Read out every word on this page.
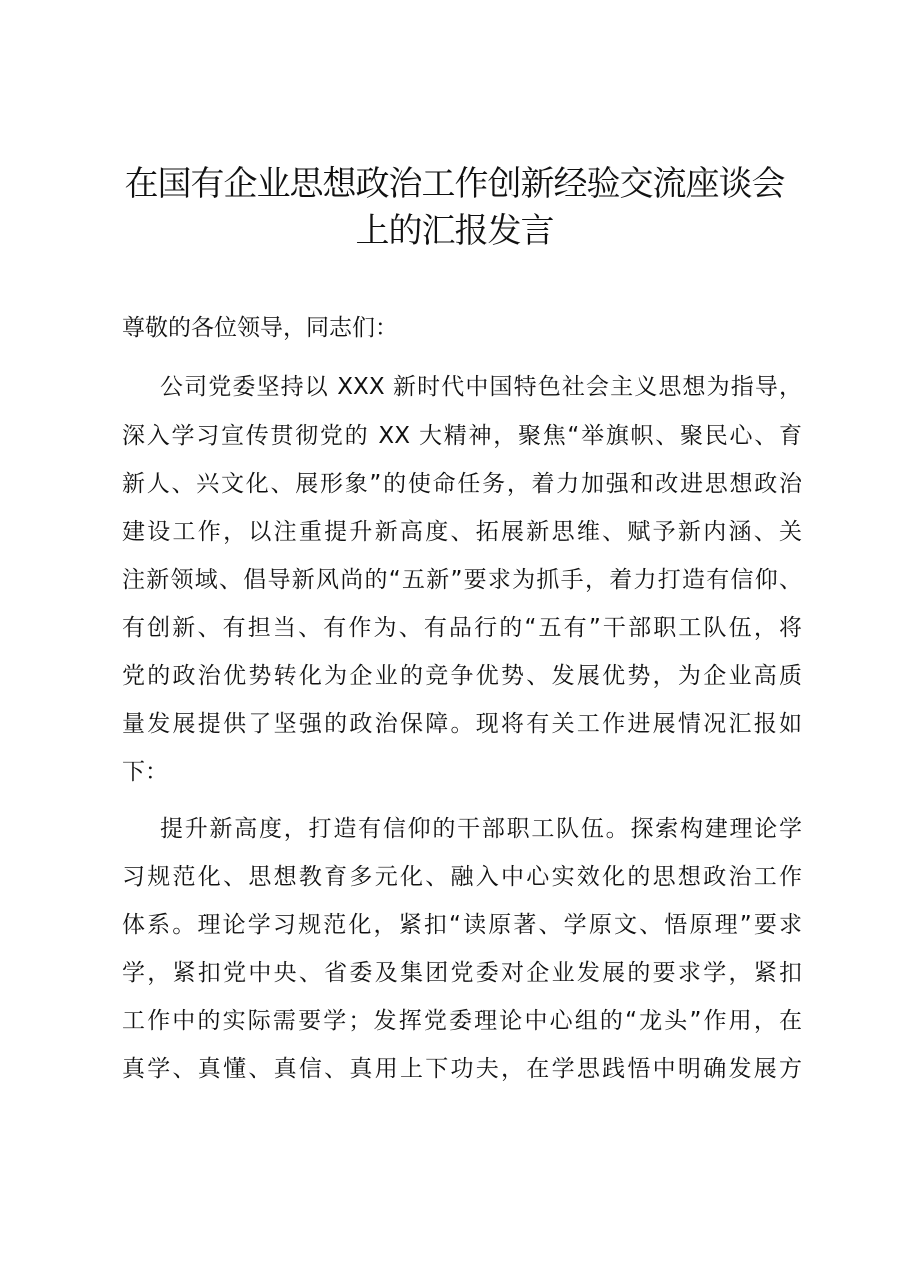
在国有企业思想政治工作创新经验交流座谈会
上的汇报发言
尊敬的各位领导，同志们：
公司党委坚持以 XXX 新时代中国特色社会主义思想为指导，
深入学习宣传贯彻党的 XX 大精神，聚焦“举旗帜、聚民心、育
新人、兴文化、展形象”的使命任务，着力加强和改进思想政治
建设工作，以注重提升新高度、拓展新思维、赋予新内涵、关
注新领域、倡导新风尚的“五新”要求为抓手，着力打造有信仰、
有创新、有担当、有作为、有品行的“五有”干部职工队伍，将
党的政治优势转化为企业的竞争优势、发展优势，为企业高质
量发展提供了坚强的政治保障。现将有关工作进展情况汇报如
下：
提升新高度，打造有信仰的干部职工队伍。探索构建理论学
习规范化、思想教育多元化、融入中心实效化的思想政治工作
体系。理论学习规范化，紧扣“读原著、学原文、悟原理”要求
学，紧扣党中央、省委及集团党委对企业发展的要求学，紧扣
工作中的实际需要学；发挥党委理论中心组的“龙头”作用，在
真学、真懂、真信、真用上下功夫，在学思践悟中明确发展方
